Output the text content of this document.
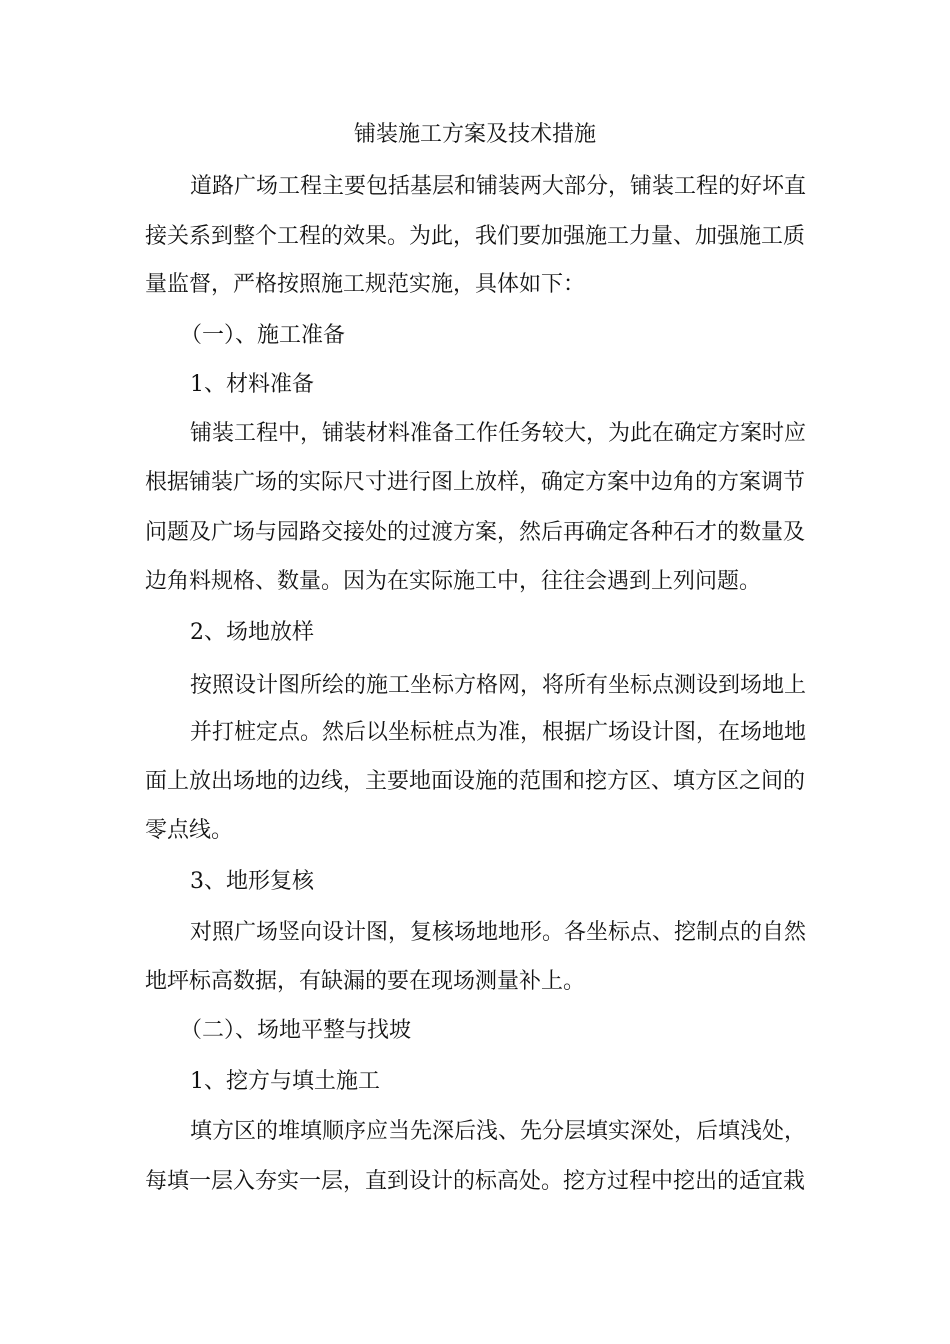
铺装施工方案及技术措施
道路广场工程主要包括基层和铺装两大部分，铺装工程的好坏直
接关系到整个工程的效果。为此，我们要加强施工力量、加强施工质
量监督，严格按照施工规范实施，具体如下：
（一）、施工准备
1、材料准备
铺装工程中，铺装材料准备工作任务较大，为此在确定方案时应
根据铺装广场的实际尺寸进行图上放样，确定方案中边角的方案调节
问题及广场与园路交接处的过渡方案，然后再确定各种石才的数量及
边角料规格、数量。因为在实际施工中，往往会遇到上列问题。
2、场地放样
按照设计图所绘的施工坐标方格网，将所有坐标点测设到场地上
并打桩定点。然后以坐标桩点为准，根据广场设计图，在场地地
面上放出场地的边线，主要地面设施的范围和挖方区、填方区之间的
零点线。
3、地形复核
对照广场竖向设计图，复核场地地形。各坐标点、挖制点的自然
地坪标高数据，有缺漏的要在现场测量补上。
（二）、场地平整与找坡
1、挖方与填土施工
填方区的堆填顺序应当先深后浅、先分层填实深处，后填浅处，
每填一层入夯实一层，直到设计的标高处。挖方过程中挖出的适宜栽
